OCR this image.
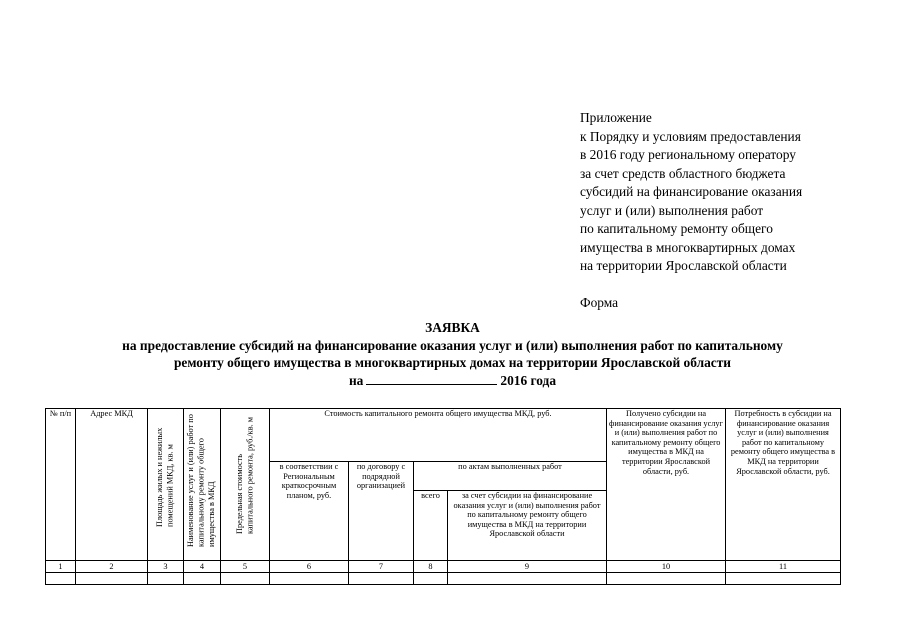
Приложение
к Порядку и условиям предоставления
в 2016 году региональному оператору
за счет средств областного бюджета
субсидий на финансирование оказания
услуг и (или) выполнения работ
по капитальному ремонту общего
имущества в многоквартирных домах
на территории Ярославской области
Форма
ЗАЯВКА
на предоставление субсидий на финансирование оказания услуг и (или) выполнения работ по капитальному
ремонту общего имущества в многоквартирных домах на территории Ярославской области
на	2016 года
№ п/п	Адрес МКД	Площадь жилых и нежилых помещений МКД, кв. м	Наименование услуг и (или) работ по капитальному ремонту общего имущества в МКД	Предельная стоимость капитального ремонта, руб./кв. м	Стоимость капитального ремонта общего имущества МКД, руб.				Получено субсидии на финансирование оказания услуг и (или) выполнения работ по капитальному ремонту общего имущества в МКД на территории Ярославской области, руб.	Потребность в субсидии на финансирование оказания услуг и (или) выполнения работ по капитальному ремонту общего имущества в МКД на территории Ярославской области, руб.
					в соответствии с Региональным краткосрочным планом, руб.	по договору с подрядной организацией	по актам выполненных работ			
							всего	за счет субсидии на финансирование оказания услуг и (или) выполнения работ по капитальному ремонту общего имущества в МКД на территории Ярославской области		
1	2	3	4	5	6	7	8	9	10	11
